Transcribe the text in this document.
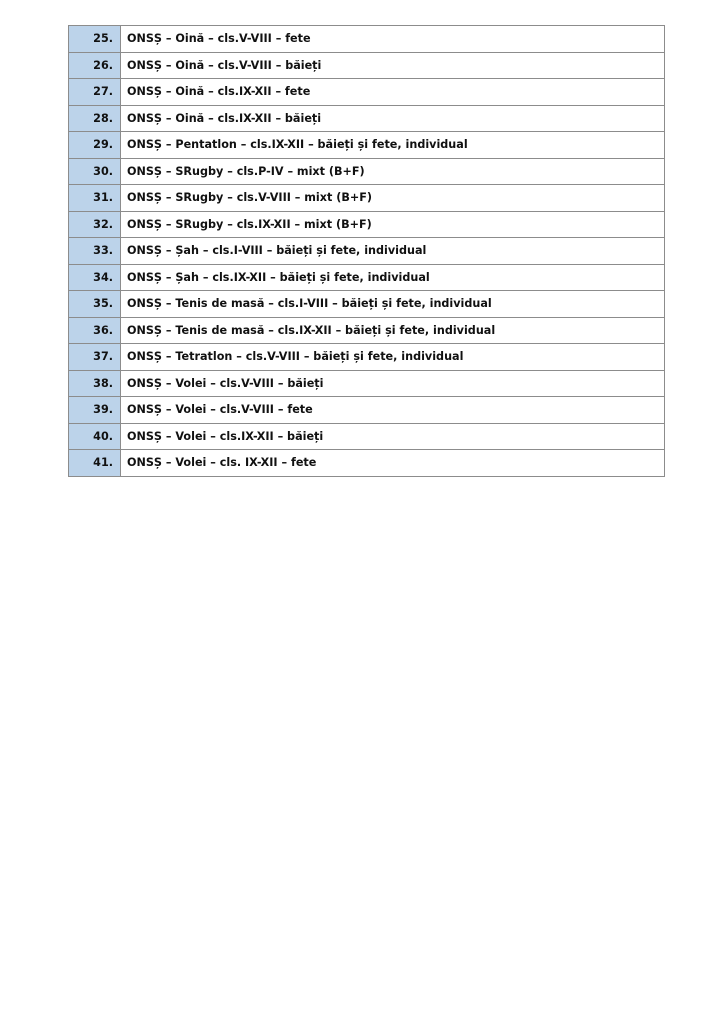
25.	ONSȘ – Oină – cls.V-VIII – fete
26.	ONSȘ – Oină – cls.V-VIII – băieți
27.	ONSȘ – Oină – cls.IX-XII – fete
28.	ONSȘ – Oină – cls.IX-XII – băieți
29.	ONSȘ – Pentatlon – cls.IX-XII – băieți și fete, individual
30.	ONSȘ – SRugby – cls.P-IV – mixt (B+F)
31.	ONSȘ – SRugby – cls.V-VIII – mixt (B+F)
32.	ONSȘ – SRugby – cls.IX-XII – mixt (B+F)
33.	ONSȘ – Șah – cls.I-VIII – băieți și fete, individual
34.	ONSȘ – Șah – cls.IX-XII – băieți și fete, individual
35.	ONSȘ – Tenis de masă – cls.I-VIII – băieți și fete, individual
36.	ONSȘ – Tenis de masă – cls.IX-XII – băieți și fete, individual
37.	ONSȘ – Tetratlon – cls.V-VIII – băieți și fete, individual
38.	ONSȘ – Volei – cls.V-VIII – băieți
39.	ONSȘ – Volei – cls.V-VIII – fete
40.	ONSȘ – Volei – cls.IX-XII – băieți
41.	ONSȘ – Volei – cls. IX-XII – fete
